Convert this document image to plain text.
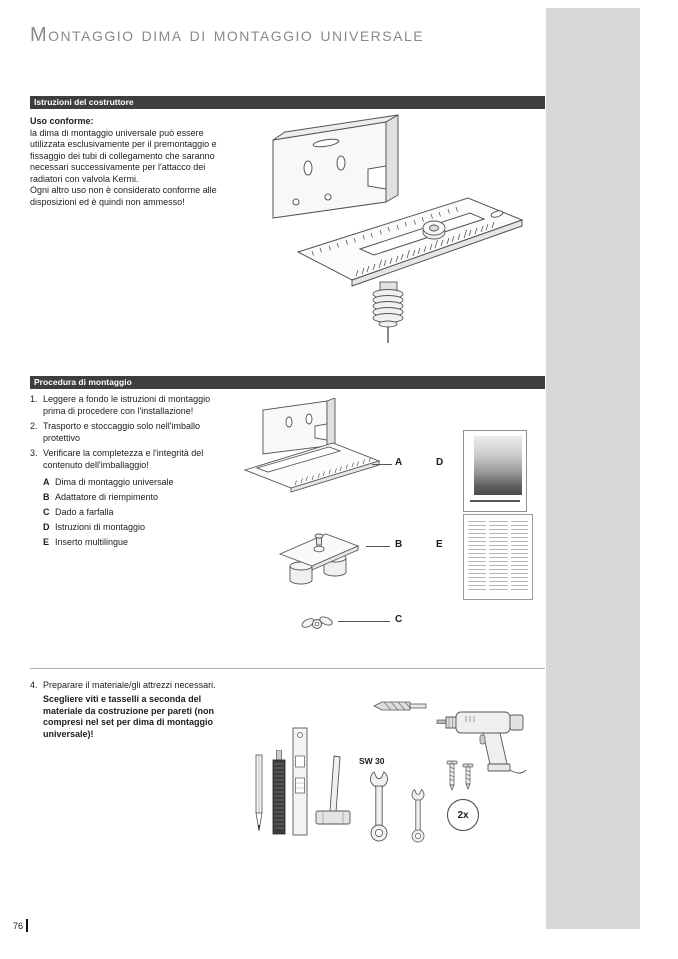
Montaggio dima di montaggio universale
Istruzioni del costruttore
Uso conforme:
la dima di montaggio universale può essere utilizzata esclusivamente per il premontaggio e fissaggio dei tubi di collegamento che saranno necessari successivamente per l'attacco dei radiatori con valvola Kermi.
Ogni altro uso non è considerato conforme alle disposizioni ed è quindi non ammesso!
Procedura di montaggio
1. Leggere a fondo le istruzioni di montaggio prima di procedere con l'installazione!
2. Trasporto e stoccaggio solo nell'imballo protettivo
3. Verificare la completezza e l'integrità del contenuto dell'imballaggio!
A Dima di montaggio universale
B Adattatore di riempimento
C Dado a farfalla
D Istruzioni di montaggio
E Inserto multilingue
A	D
B	E
C
4. Preparare il materiale/gli attrezzi necessari.
Scegliere viti e tasselli a seconda del materiale da costruzione per pareti (non compresi nel set per dima di montaggio universale)!
SW 30
2x
76
